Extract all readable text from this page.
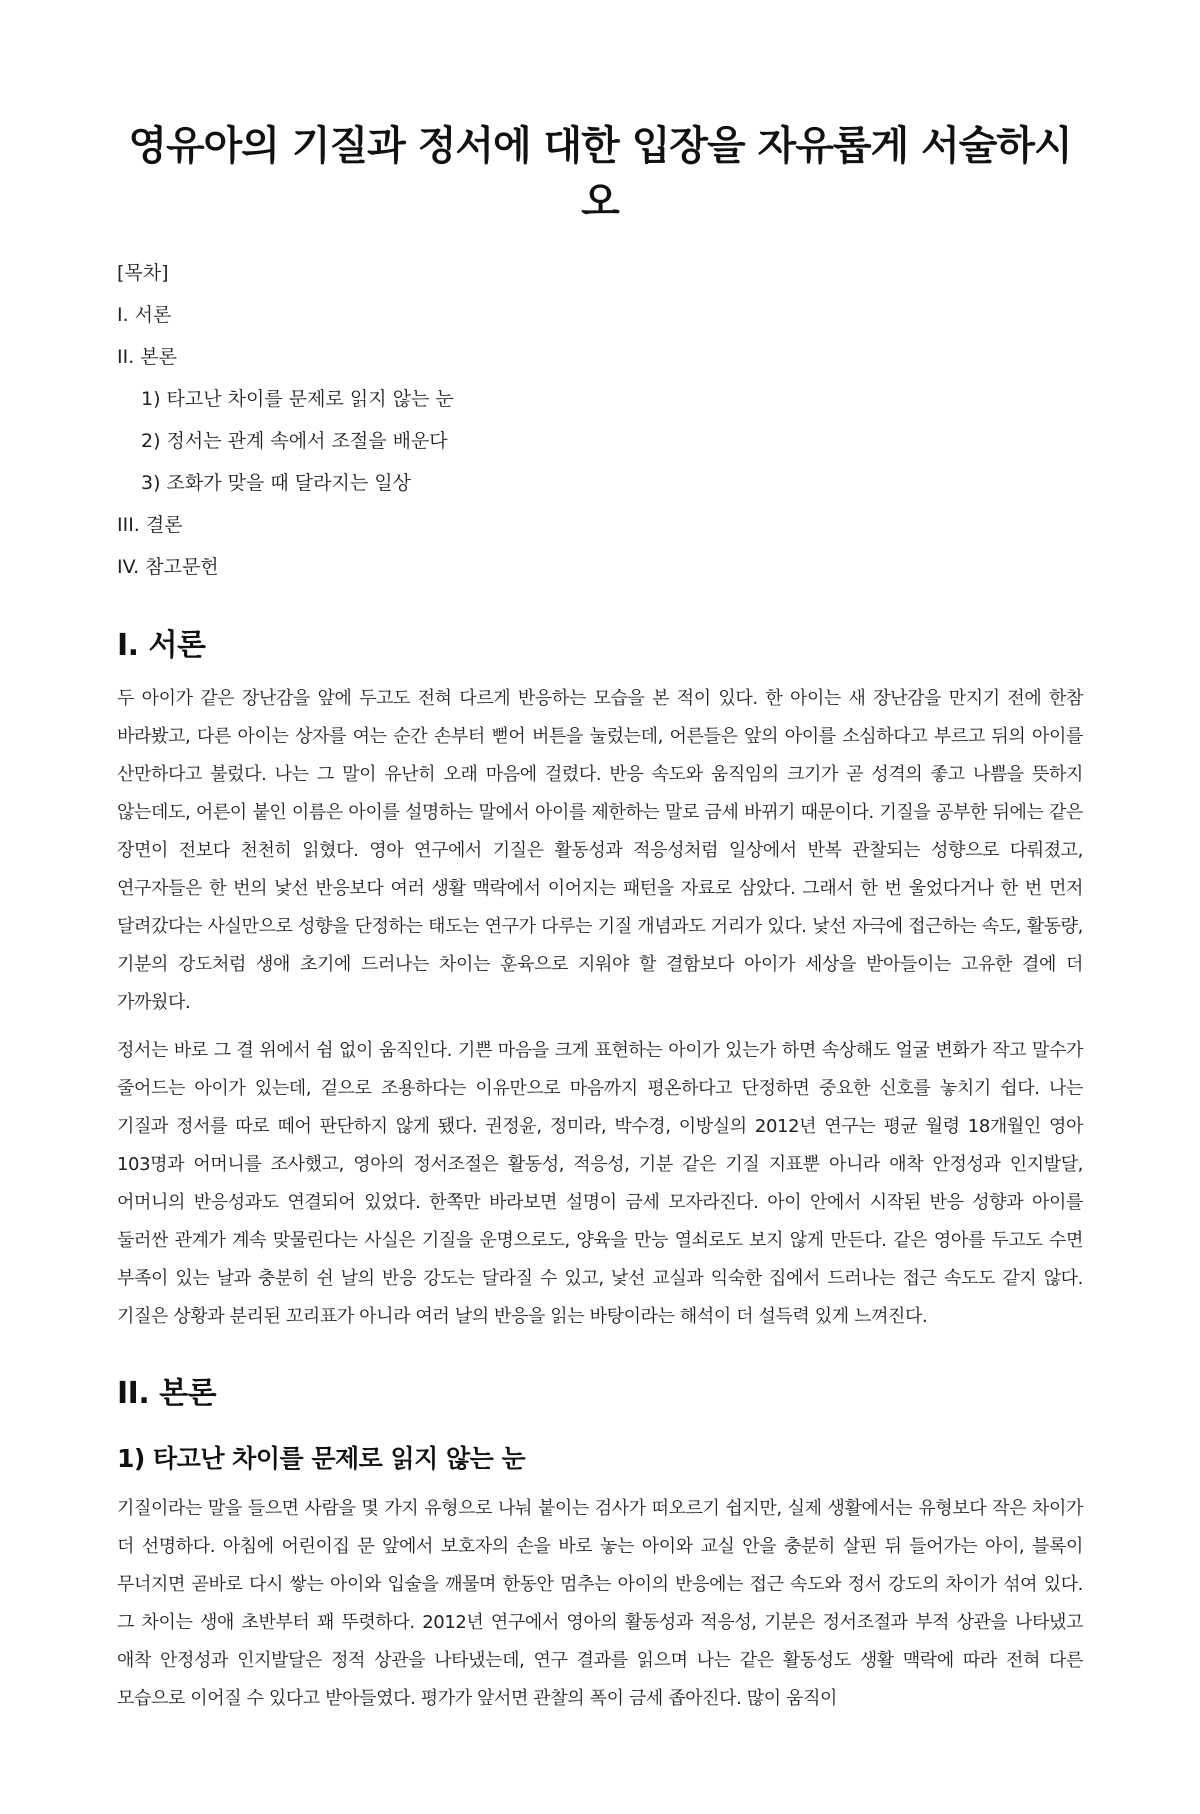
영유아의 기질과 정서에 대한 입장을 자유롭게 서술하시오
[목차]
I. 서론
II. 본론
1) 타고난 차이를 문제로 읽지 않는 눈
2) 정서는 관계 속에서 조절을 배운다
3) 조화가 맞을 때 달라지는 일상
III. 결론
IV. 참고문헌
I. 서론

두 아이가 같은 장난감을 앞에 두고도 전혀 다르게 반응하는 모습을 본 적이 있다. 한 아이는 새 장난감을 만지기 전에 한참 바라봤고, 다른 아이는 상자를 여는 순간 손부터 뻗어 버튼을 눌렀는데, 어른들은 앞의 아이를 소심하다고 부르고 뒤의 아이를 산만하다고 불렀다. 나는 그 말이 유난히 오래 마음에 걸렸다. 반응 속도와 움직임의 크기가 곧 성격의 좋고 나쁨을 뜻하지 않는데도, 어른이 붙인 이름은 아이를 설명하는 말에서 아이를 제한하는 말로 금세 바뀌기 때문이다. 기질을 공부한 뒤에는 같은 장면이 전보다 천천히 읽혔다. 영아 연구에서 기질은 활동성과 적응성처럼 일상에서 반복 관찰되는 성향으로 다뤄졌고, 연구자들은 한 번의 낯선 반응보다 여러 생활 맥락에서 이어지는 패턴을 자료로 삼았다. 그래서 한 번 울었다거나 한 번 먼저 달려갔다는 사실만으로 성향을 단정하는 태도는 연구가 다루는 기질 개념과도 거리가 있다. 낯선 자극에 접근하는 속도, 활동량, 기분의 강도처럼 생애 초기에 드러나는 차이는 훈육으로 지워야 할 결함보다 아이가 세상을 받아들이는 고유한 결에 더 가까웠다.

정서는 바로 그 결 위에서 쉼 없이 움직인다. 기쁜 마음을 크게 표현하는 아이가 있는가 하면 속상해도 얼굴 변화가 작고 말수가 줄어드는 아이가 있는데, 겉으로 조용하다는 이유만으로 마음까지 평온하다고 단정하면 중요한 신호를 놓치기 쉽다. 나는 기질과 정서를 따로 떼어 판단하지 않게 됐다. 권정윤, 정미라, 박수경, 이방실의 2012년 연구는 평균 월령 18개월인 영아 103명과 어머니를 조사했고, 영아의 정서조절은 활동성, 적응성, 기분 같은 기질 지표뿐 아니라 애착 안정성과 인지발달, 어머니의 반응성과도 연결되어 있었다. 한쪽만 바라보면 설명이 금세 모자라진다. 아이 안에서 시작된 반응 성향과 아이를 둘러싼 관계가 계속 맞물린다는 사실은 기질을 운명으로도, 양육을 만능 열쇠로도 보지 않게 만든다. 같은 영아를 두고도 수면 부족이 있는 날과 충분히 쉰 날의 반응 강도는 달라질 수 있고, 낯선 교실과 익숙한 집에서 드러나는 접근 속도도 같지 않다. 기질은 상황과 분리된 꼬리표가 아니라 여러 날의 반응을 읽는 바탕이라는 해석이 더 설득력 있게 느껴진다.

II. 본론
1) 타고난 차이를 문제로 읽지 않는 눈

기질이라는 말을 들으면 사람을 몇 가지 유형으로 나눠 붙이는 검사가 떠오르기 쉽지만, 실제 생활에서는 유형보다 작은 차이가 더 선명하다. 아침에 어린이집 문 앞에서 보호자의 손을 바로 놓는 아이와 교실 안을 충분히 살핀 뒤 들어가는 아이, 블록이 무너지면 곧바로 다시 쌓는 아이와 입술을 깨물며 한동안 멈추는 아이의 반응에는 접근 속도와 정서 강도의 차이가 섞여 있다. 그 차이는 생애 초반부터 꽤 뚜렷하다. 2012년 연구에서 영아의 활동성과 적응성, 기분은 정서조절과 부적 상관을 나타냈고 애착 안정성과 인지발달은 정적 상관을 나타냈는데, 연구 결과를 읽으며 나는 같은 활동성도 생활 맥락에 따라 전혀 다른 모습으로 이어질 수 있다고 받아들였다. 평가가 앞서면 관찰의 폭이 금세 좁아진다. 많이 움직이
